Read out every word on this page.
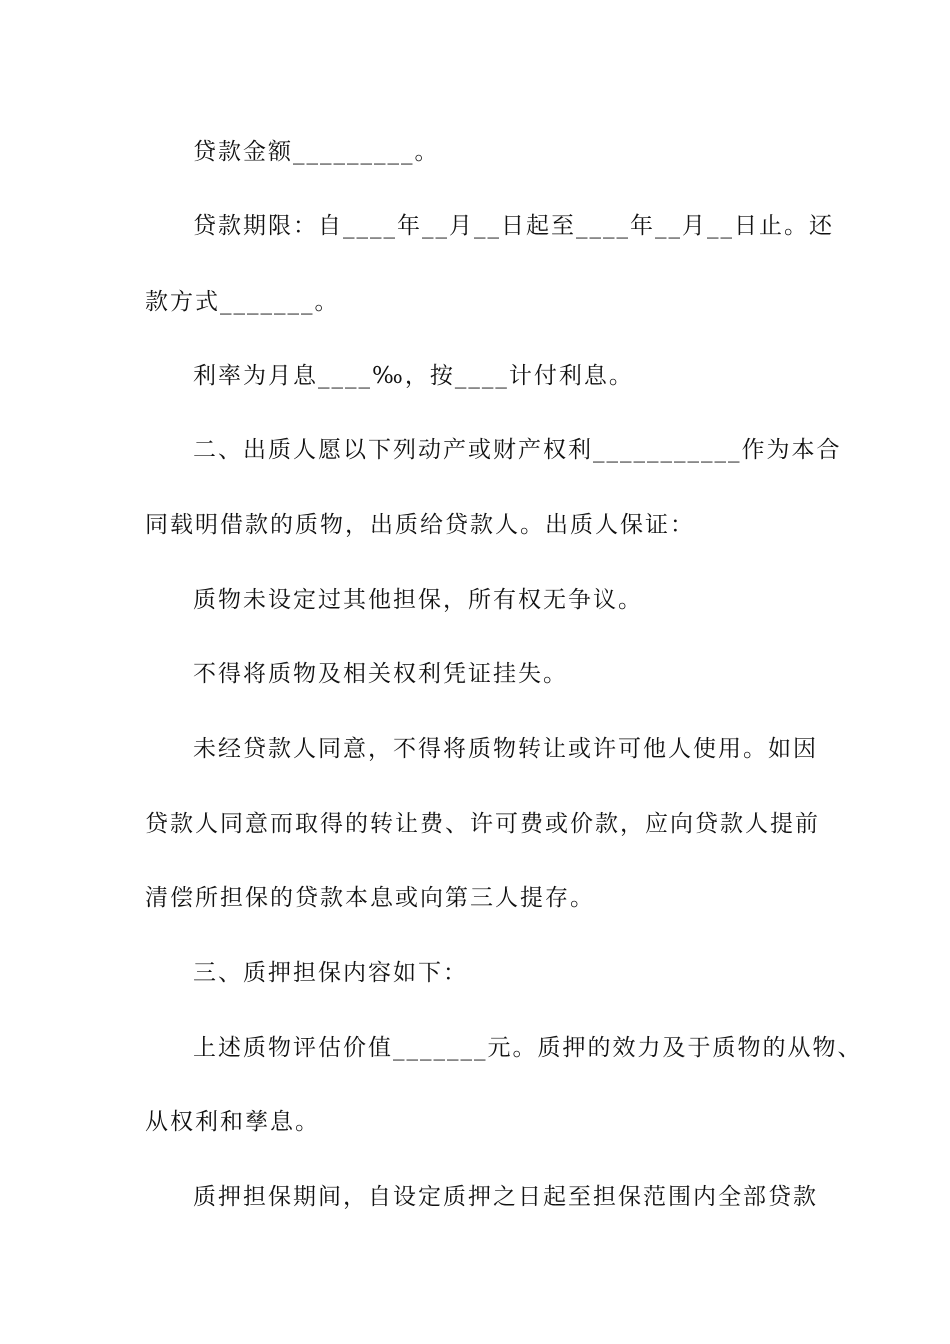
贷款金额_________。
贷款期限：自____年__月__日起至____年__月__日止。还
款方式_______。
利率为月息____‰，按____计付利息。
二、出质人愿以下列动产或财产权利___________作为本合
同载明借款的质物，出质给贷款人。出质人保证：
质物未设定过其他担保，所有权无争议。
不得将质物及相关权利凭证挂失。
未经贷款人同意，不得将质物转让或许可他人使用。如因
贷款人同意而取得的转让费、许可费或价款，应向贷款人提前
清偿所担保的贷款本息或向第三人提存。
三、质押担保内容如下：
上述质物评估价值_______元。质押的效力及于质物的从物、
从权利和孳息。
质押担保期间，自设定质押之日起至担保范围内全部贷款
